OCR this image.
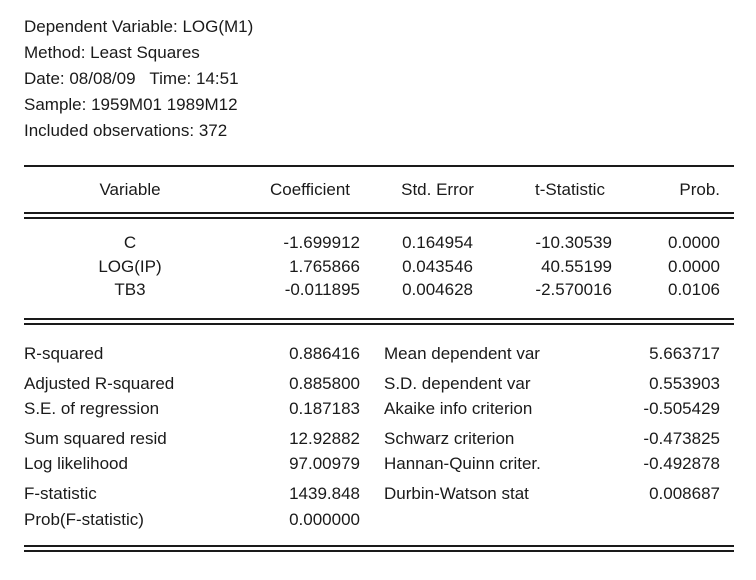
Dependent Variable: LOG(M1)
Method: Least Squares
Date: 08/08/09   Time: 14:51
Sample: 1959M01 1989M12
Included observations: 372
Variable	Coefficient	Std. Error	t-Statistic	Prob.
C	-1.699912	0.164954	-10.30539	0.0000
LOG(IP)	1.765866	0.043546	40.55199	0.0000
TB3	-0.011895	0.004628	-2.570016	0.0106
R-squared	0.886416 Mean dependent var	5.663717
Adjusted R-squared	0.885800 S.D. dependent var	0.553903
S.E. of regression	0.187183 Akaike info criterion	-0.505429
Sum squared resid	12.92882 Schwarz criterion	-0.473825
Log likelihood	97.00979 Hannan-Quinn criter.	-0.492878
F-statistic	1439.848 Durbin-Watson stat	0.008687
Prob(F-statistic)	0.000000
